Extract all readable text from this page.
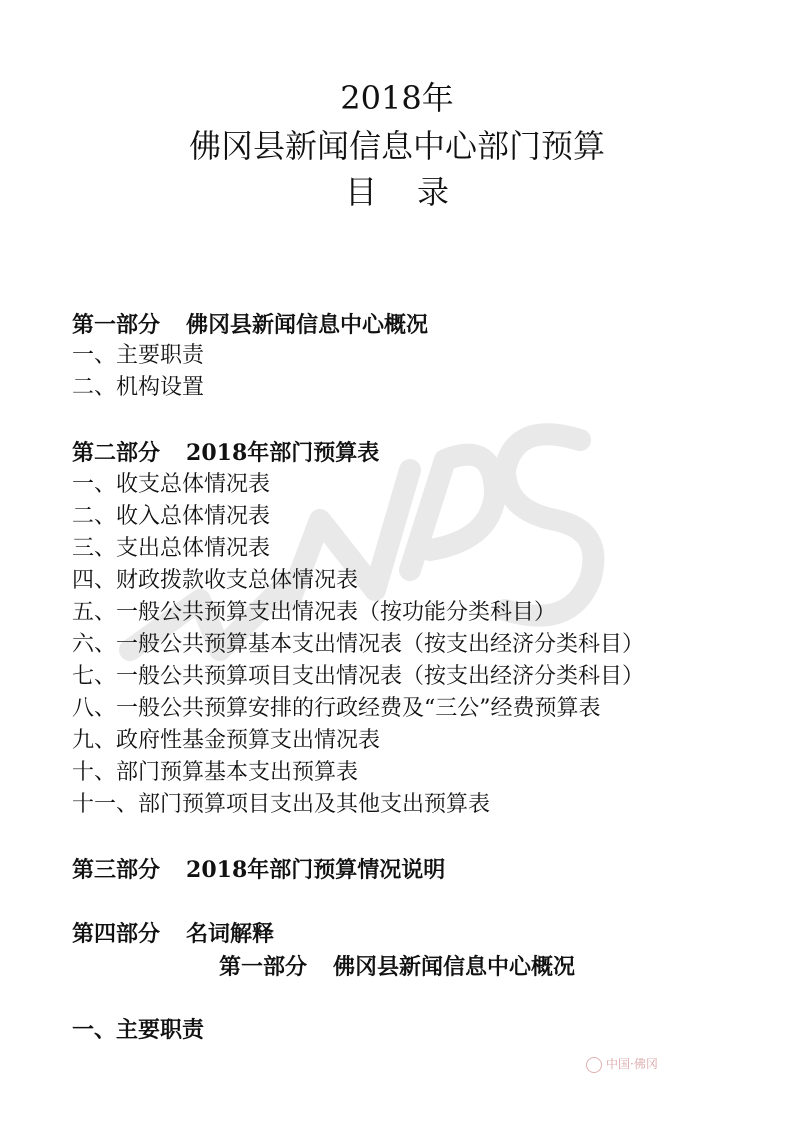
2018年
佛冈县新闻信息中心部门预算
目 录
第一部分 佛冈县新闻信息中心概况
一、主要职责
二、机构设置
第二部分 2018年部门预算表
一、收支总体情况表
二、收入总体情况表
三、支出总体情况表
四、财政拨款收支总体情况表
五、一般公共预算支出情况表（按功能分类科目）
六、一般公共预算基本支出情况表（按支出经济分类科目）
七、一般公共预算项目支出情况表（按支出经济分类科目）
八、一般公共预算安排的行政经费及“三公”经费预算表
九、政府性基金预算支出情况表
十、部门预算基本支出预算表
十一、部门预算项目支出及其他支出预算表
第三部分 2018年部门预算情况说明
第四部分 名词解释
第一部分 佛冈县新闻信息中心概况
一、主要职责
中国·佛冈
